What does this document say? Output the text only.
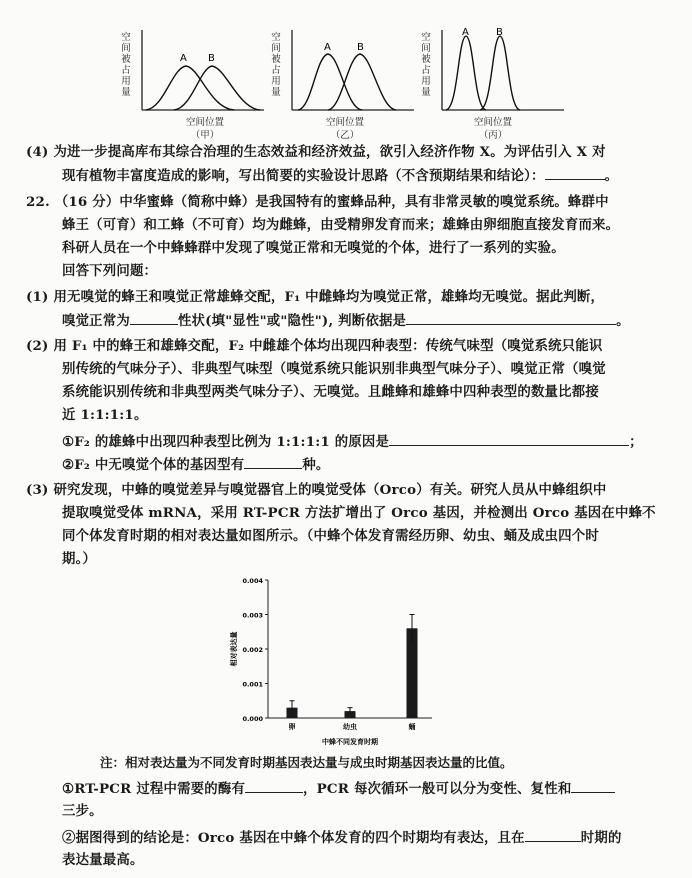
空间被占用量
A B
空间位置
（甲）
空间被占用量
A	B
空间位置
（乙）
空间被占用量
A	B
空间位置
（丙）
(4) 为进一步提高库布其综合治理的生态效益和经济效益，欲引入经济作物 X。为评估引入 X 对
现有植物丰富度造成的影响，写出简要的实验设计思路（不含预期结果和结论）：	。
22. （16 分）中华蜜蜂（简称中蜂）是我国特有的蜜蜂品种，具有非常灵敏的嗅觉系统。蜂群中
蜂王（可育）和工蜂（不可育）均为雌蜂，由受精卵发育而来；雄蜂由卵细胞直接发育而来。
科研人员在一个中蜂蜂群中发现了嗅觉正常和无嗅觉的个体，进行了一系列的实验。
回答下列问题：
(1) 用无嗅觉的蜂王和嗅觉正常雄蜂交配，F₁ 中雌蜂均为嗅觉正常，雄蜂均无嗅觉。据此判断，
嗅觉正常为	性状(填"显性"或"隐性"), 判断依据是	。
(2) 用 F₁ 中的蜂王和雄蜂交配，F₂ 中雌雄个体均出现四种表型：传统气味型（嗅觉系统只能识
别传统的气味分子）、非典型气味型（嗅觉系统只能识别非典型气味分子）、嗅觉正常（嗅觉
系统能识别传统和非典型两类气味分子）、无嗅觉。且雌蜂和雄蜂中四种表型的数量比都接
近 1:1:1:1。
①F₂ 的雄蜂中出现四种表型比例为 1:1:1:1 的原因是	；
②F₂ 中无嗅觉个体的基因型有	种。
(3) 研究发现，中蜂的嗅觉差异与嗅觉器官上的嗅觉受体（Orco）有关。研究人员从中蜂组织中
提取嗅觉受体 mRNA，采用 RT-PCR 方法扩增出了 Orco 基因，并检测出 Orco 基因在中蜂不
同个体发育时期的相对表达量如图所示。（中蜂个体发育需经历卵、幼虫、蛹及成虫四个时
期。）
0.000
0.001
0.002
0.003
0.004
相对表达量
卵	幼虫	蛹
中蜂不同发育时期
注：相对表达量为不同发育时期基因表达量与成虫时期基因表达量的比值。
①RT-PCR 过程中需要的酶有	，PCR 每次循环一般可以分为变性、复性和
三步。
②据图得到的结论是：Orco 基因在中蜂个体发育的四个时期均有表达，且在	时期的
表达量最高。
